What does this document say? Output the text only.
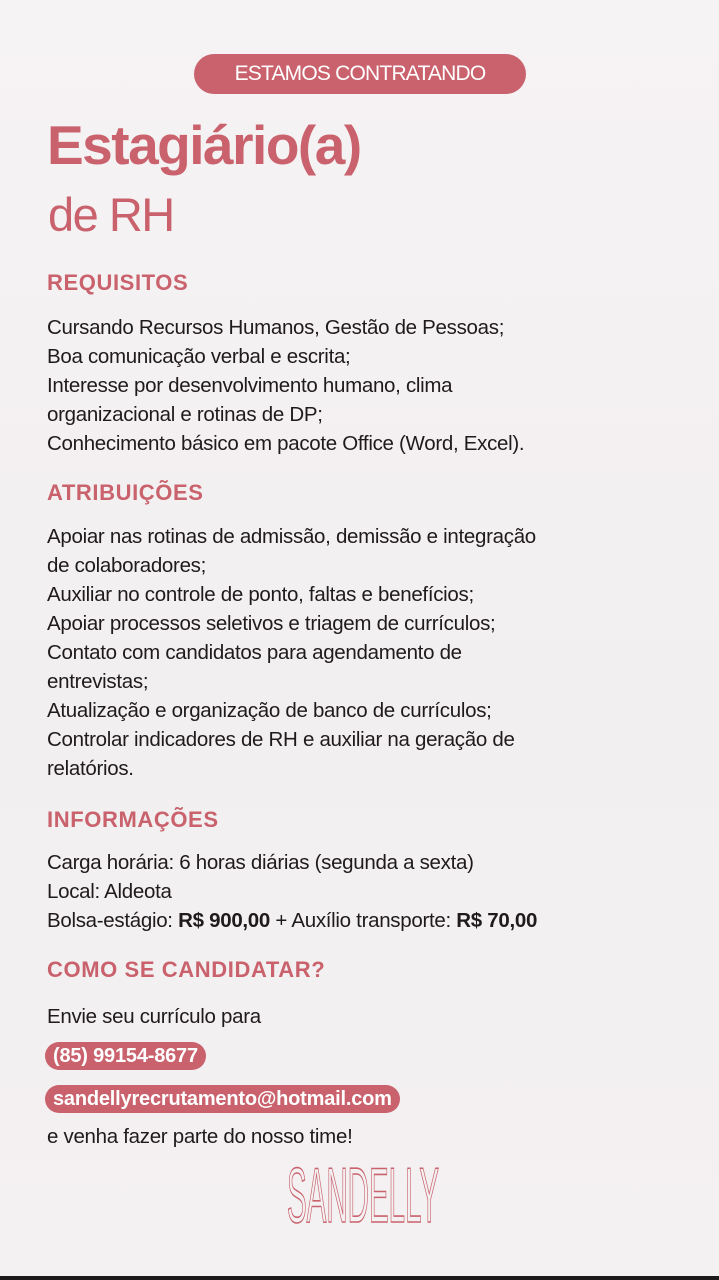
ESTAMOS CONTRATANDO
Estagiário(a)
de RH
REQUISITOS
Cursando Recursos Humanos, Gestão de Pessoas;
Boa comunicação verbal e escrita;
Interesse por desenvolvimento humano, clima
organizacional e rotinas de DP;
Conhecimento básico em pacote Office (Word, Excel).
ATRIBUIÇÕES
Apoiar nas rotinas de admissão, demissão e integração
de colaboradores;
Auxiliar no controle de ponto, faltas e benefícios;
Apoiar processos seletivos e triagem de currículos;
Contato com candidatos para agendamento de
entrevistas;
Atualização e organização de banco de currículos;
Controlar indicadores de RH e auxiliar na geração de
relatórios.
INFORMAÇÕES
Carga horária: 6 horas diárias (segunda a sexta)
Local: Aldeota
Bolsa-estágio: R$ 900,00 + Auxílio transporte: R$ 70,00
COMO SE CANDIDATAR?
Envie seu currículo para
(85) 99154-8677
sandellyrecrutamento@hotmail.com
e venha fazer parte do nosso time!
SANDELLY
